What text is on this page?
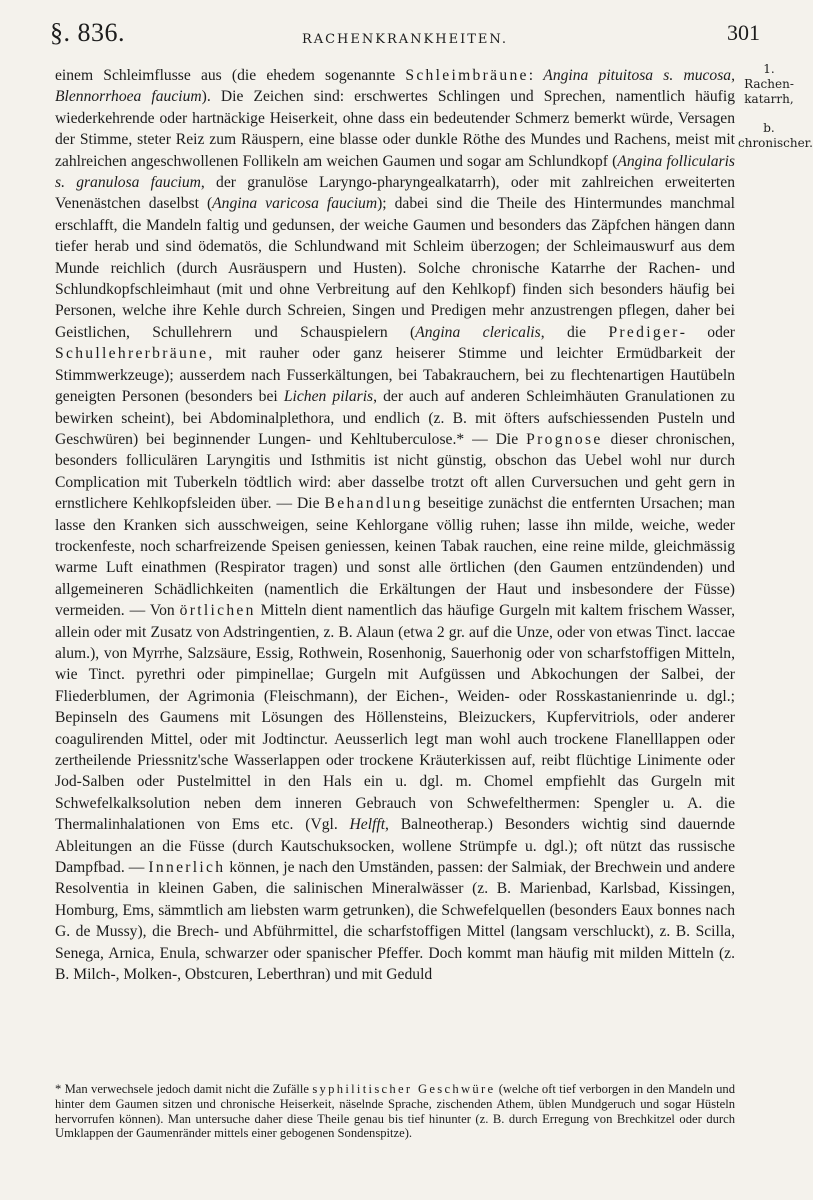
§. 836.	RACHENKRANKHEITEN.	301
1.
Rachen-
katarrh,
b.
chronischer.

einem Schleimflusse aus (die ehedem sogenannte Schleimbräune: Angina pituitosa s. mucosa, Blennorrhoea faucium). Die Zeichen sind: erschwertes Schlingen und Sprechen, namentlich häufig wiederkehrende oder hartnäckige Heiserkeit, ohne dass ein bedeutender Schmerz bemerkt würde, Versagen der Stimme, steter Reiz zum Räuspern, eine blasse oder dunkle Röthe des Mundes und Rachens, meist mit zahlreichen angeschwollenen Follikeln am weichen Gaumen und sogar am Schlundkopf (Angina follicularis s. granulosa faucium, der granulöse Laryngo-pharyngealkatarrh), oder mit zahlreichen erweiterten Venenästchen daselbst (Angina varicosa faucium); dabei sind die Theile des Hintermundes manchmal erschlafft, die Mandeln faltig und gedunsen, der weiche Gaumen und besonders das Zäpfchen hängen dann tiefer herab und sind ödematös, die Schlundwand mit Schleim überzogen; der Schleimauswurf aus dem Munde reichlich (durch Ausräuspern und Husten). Solche chronische Katarrhe der Rachen- und Schlundkopfschleimhaut (mit und ohne Verbreitung auf den Kehlkopf) finden sich besonders häufig bei Personen, welche ihre Kehle durch Schreien, Singen und Predigen mehr anzustrengen pflegen, daher bei Geistlichen, Schullehrern und Schauspielern (Angina clericalis, die Prediger- oder Schullehrerbräune, mit rauher oder ganz heiserer Stimme und leichter Ermüdbarkeit der Stimmwerkzeuge); ausserdem nach Fusserkältungen, bei Tabakrauchern, bei zu flechtenartigen Hautübeln geneigten Personen (besonders bei Lichen pilaris, der auch auf anderen Schleimhäuten Granulationen zu bewirken scheint), bei Abdominalplethora, und endlich (z. B. mit öfters aufschiessenden Pusteln und Geschwüren) bei beginnender Lungen- und Kehltuberculose.* — Die Prognose dieser chronischen, besonders folliculären Laryngitis und Isthmitis ist nicht günstig, obschon das Uebel wohl nur durch Complication mit Tuberkeln tödtlich wird: aber dasselbe trotzt oft allen Curversuchen und geht gern in ernstlichere Kehlkopfsleiden über. — Die Behandlung beseitige zunächst die entfernten Ursachen; man lasse den Kranken sich ausschweigen, seine Kehlorgane völlig ruhen; lasse ihn milde, weiche, weder trockenfeste, noch scharfreizende Speisen geniessen, keinen Tabak rauchen, eine reine milde, gleichmässig warme Luft einathmen (Respirator tragen) und sonst alle örtlichen (den Gaumen entzündenden) und allgemeineren Schädlichkeiten (namentlich die Erkältungen der Haut und insbesondere der Füsse) vermeiden. — Von örtlichen Mitteln dient namentlich das häufige Gurgeln mit kaltem frischem Wasser, allein oder mit Zusatz von Adstringentien, z. B. Alaun (etwa 2 gr. auf die Unze, oder von etwas Tinct. laccae alum.), von Myrrhe, Salzsäure, Essig, Rothwein, Rosenhonig, Sauerhonig oder von scharfstoffigen Mitteln, wie Tinct. pyrethri oder pimpinellae; Gurgeln mit Aufgüssen und Abkochungen der Salbei, der Fliederblumen, der Agrimonia (Fleischmann), der Eichen-, Weiden- oder Rosskastanienrinde u. dgl.; Bepinseln des Gaumens mit Lösungen des Höllensteins, Bleizuckers, Kupfervitriols, oder anderer coagulirenden Mittel, oder mit Jodtinctur. Aeusserlich legt man wohl auch trockene Flanelllappen oder zertheilende Priessnitz'sche Wasserlappen oder trockene Kräuterkissen auf, reibt flüchtige Linimente oder Jod-Salben oder Pustelmittel in den Hals ein u. dgl. m. Chomel empfiehlt das Gurgeln mit Schwefelkalksolution neben dem inneren Gebrauch von Schwefelthermen: Spengler u. A. die Thermalinhalationen von Ems etc. (Vgl. Helfft, Balneotherap.) Besonders wichtig sind dauernde Ableitungen an die Füsse (durch Kautschuksocken, wollene Strümpfe u. dgl.); oft nützt das russische Dampfbad. — Innerlich können, je nach den Umständen, passen: der Salmiak, der Brechwein und andere Resolventia in kleinen Gaben, die salinischen Mineralwässer (z. B. Marienbad, Karlsbad, Kissingen, Homburg, Ems, sämmtlich am liebsten warm getrunken), die Schwefelquellen (besonders Eaux bonnes nach G. de Mussy), die Brech- und Abführmittel, die scharfstoffigen Mittel (langsam verschluckt), z. B. Scilla, Senega, Arnica, Enula, schwarzer oder spanischer Pfeffer. Doch kommt man häufig mit milden Mitteln (z. B. Milch-, Molken-, Obstcuren, Leberthran) und mit Geduld

* Man verwechsele jedoch damit nicht die Zufälle syphilitischer Geschwüre (welche oft tief verborgen in den Mandeln und hinter dem Gaumen sitzen und chronische Heiserkeit, näselnde Sprache, zischenden Athem, üblen Mundgeruch und sogar Hüsteln hervorrufen können). Man untersuche daher diese Theile genau bis tief hinunter (z. B. durch Erregung von Brechkitzel oder durch Umklappen der Gaumenränder mittels einer gebogenen Sondenspitze).
